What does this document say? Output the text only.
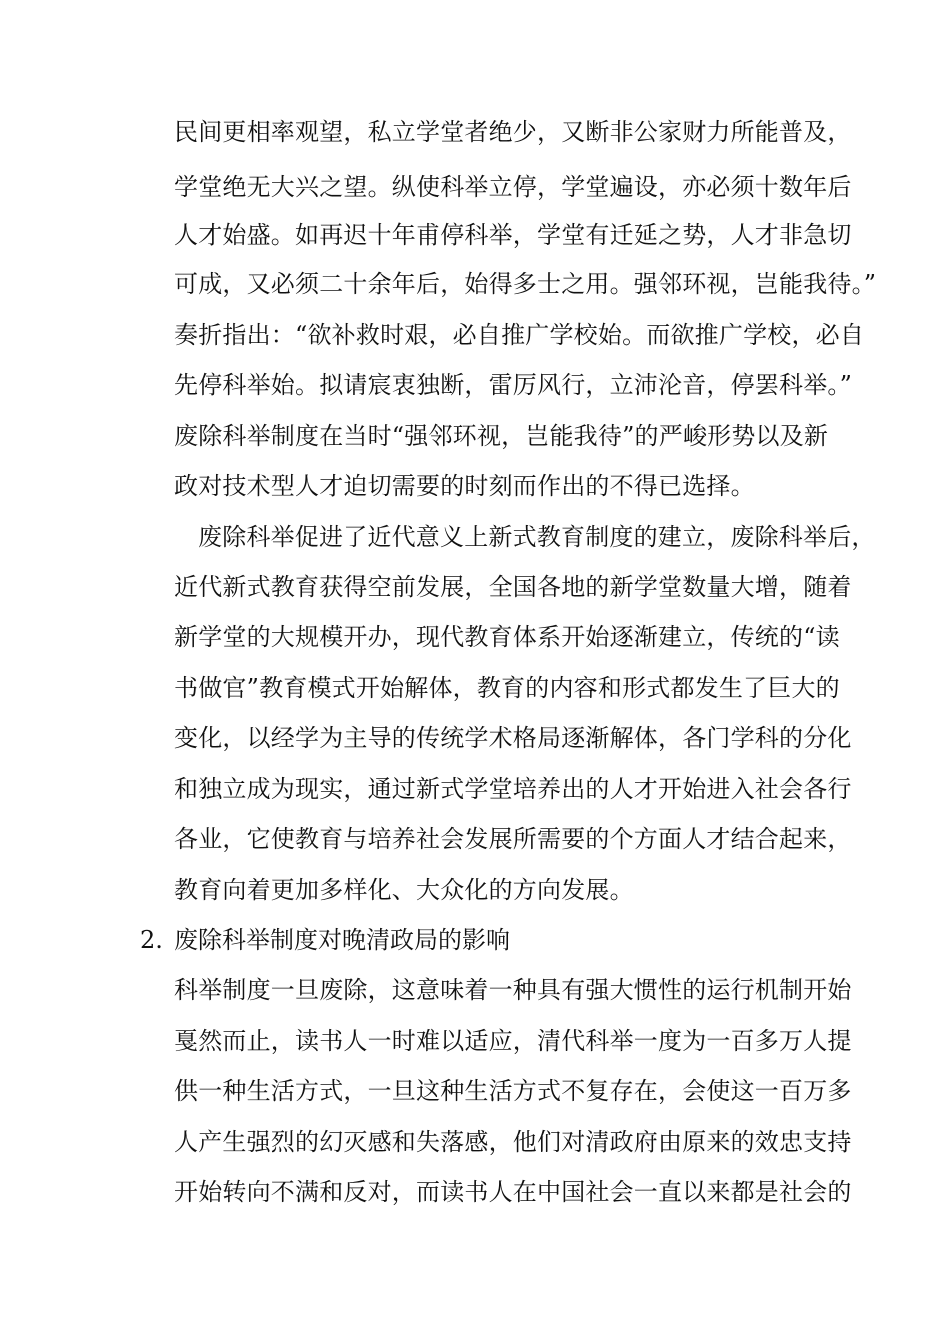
民间更相率观望，私立学堂者绝少，又断非公家财力所能普及，
学堂绝无大兴之望。纵使科举立停，学堂遍设，亦必须十数年后
人才始盛。如再迟十年甫停科举，学堂有迁延之势，人才非急切
可成，又必须二十余年后，始得多士之用。强邻环视，岂能我待。”
奏折指出：“欲补救时艰，必自推广学校始。而欲推广学校，必自
先停科举始。拟请宸衷独断，雷厉风行，立沛沦音，停罢科举。”
废除科举制度在当时“强邻环视，岂能我待”的严峻形势以及新
政对技术型人才迫切需要的时刻而作出的不得已选择。
废除科举促进了近代意义上新式教育制度的建立，废除科举后，
近代新式教育获得空前发展，全国各地的新学堂数量大增，随着
新学堂的大规模开办，现代教育体系开始逐渐建立，传统的“读
书做官”教育模式开始解体，教育的内容和形式都发生了巨大的
变化，以经学为主导的传统学术格局逐渐解体，各门学科的分化
和独立成为现实，通过新式学堂培养出的人才开始进入社会各行
各业，它使教育与培养社会发展所需要的个方面人才结合起来，
教育向着更加多样化、大众化的方向发展。
2. 废除科举制度对晚清政局的影响
科举制度一旦废除，这意味着一种具有强大惯性的运行机制开始
戛然而止，读书人一时难以适应，清代科举一度为一百多万人提
供一种生活方式，一旦这种生活方式不复存在，会使这一百万多
人产生强烈的幻灭感和失落感，他们对清政府由原来的效忠支持
开始转向不满和反对，而读书人在中国社会一直以来都是社会的
